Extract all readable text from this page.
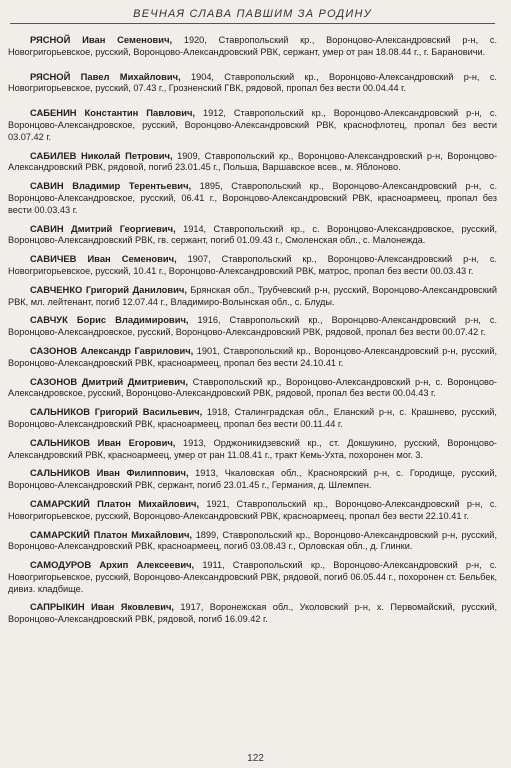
ВЕЧНАЯ СЛАВА ПАВШИМ ЗА РОДИНУ

РЯСНОЙ Иван Семенович, 1920, Ставропольский кр., Воронцово-Александровский р-н, с. Новогригорьевское, русский, Воронцово-Александровский РВК, сержант, умер от ран 18.08.44 г., г. Барановичи.

РЯСНОЙ Павел Михайлович, 1904, Ставропольский кр., Воронцово-Александровский р-н, с. Новогригорьевское, русский, 07.43 г., Грозненский ГВК, рядовой, пропал без вести 00.04.44 г.

САБЕНИН Константин Павлович, 1912, Ставропольский кр., Воронцово-Александровский р-н, с. Воронцово-Александровское, русский, Воронцово-Александровский РВК, краснофлотец, пропал без вести 03.07.42 г.

САБИЛЕВ Николай Петрович, 1909, Ставропольский кр., Воронцово-Александровский р-н, Воронцово-Александровский РВК, рядовой, погиб 23.01.45 г., Польша, Варшавское всев., м. Яблоново.

САВИН Владимир Терентьевич, 1895, Ставропольский кр., Воронцово-Александровский р-н, с. Воронцово-Александровское, русский, 06.41 г., Воронцово-Александровский РВК, красноармеец, пропал без вести 00.03.43 г.

САВИН Дмитрий Георгиевич, 1914, Ставропольский кр., с. Воронцово-Александровское, русский, Воронцово-Александровский РВК, гв. сержант, погиб 01.09.43 г., Смоленская обл., с. Малонежда.

САВИЧЕВ Иван Семенович, 1907, Ставропольский кр., Воронцово-Александровский р-н, с. Новогригорьевское, русский, 10.41 г., Воронцово-Александровский РВК, матрос, пропал без вести 00.03.43 г.

САВЧЕНКО Григорий Данилович, Брянская обл., Трубчевский р-н, русский, Воронцово-Александровский РВК, мл. лейтенант, погиб 12.07.44 г., Владимиро-Волынская обл., с. Блуды.

САВЧУК Борис Владимирович, 1916, Ставропольский кр., Воронцово-Александровский р-н, с. Воронцово-Александровское, русский, Воронцово-Александровский РВК, рядовой, пропал без вести 00.07.42 г.

САЗОНОВ Александр Гаврилович, 1901, Ставропольский кр., Воронцово-Александровский р-н, русский, Воронцово-Александровский РВК, красноармеец, пропал без вести 24.10.41 г.

САЗОНОВ Дмитрий Дмитриевич, Ставропольский кр., Воронцово-Александровский р-н, с. Воронцово-Александровское, русский, Воронцово-Александровский РВК, рядовой, пропал без вести 00.04.43 г.

САЛЬНИКОВ Григорий Васильевич, 1918, Сталинградская обл., Еланский р-н, с. Крашнево, русский, Воронцово-Александровский РВК, красноармеец, пропал без вести 00.11.44 г.

САЛЬНИКОВ Иван Егорович, 1913, Орджоникидзевский кр., ст. Докшукино, русский, Воронцово-Александровский РВК, красноармеец, умер от ран 11.08.41 г., тракт Кемь-Ухта, похоронен мог. 3.

САЛЬНИКОВ Иван Филиппович, 1913, Чкаловская обл., Красноярский р-н, с. Городище, русский, Воронцово-Александровский РВК, сержант, погиб 23.01.45 г., Германия, д. Шлемпен.

САМАРСКИЙ Платон Михайлович, 1921, Ставропольский кр., Воронцово-Александровский р-н, с. Новогригорьевское, русский, Воронцово-Александровский РВК, красноармеец, пропал без вести 22.10.41 г.

САМАРСКИЙ Платон Михайлович, 1899, Ставропольский кр., Воронцово-Александровский р-н, русский, Воронцово-Александровский РВК, красноармеец, погиб 03.08.43 г., Орловская обл., д. Глинки.

САМОДУРОВ Архип Алексеевич, 1911, Ставропольский кр., Воронцово-Александровский р-н, с. Новогригорьевское, русский, Воронцово-Александровский РВК, рядовой, погиб 06.05.44 г., похоронен ст. Бельбек, дивиз. кладбище.

САПРЫКИН Иван Яковлевич, 1917, Воронежская обл., Уколовский р-н, х. Первомайский, русский, Воронцово-Александровский РВК, рядовой, погиб 16.09.42 г.

122
